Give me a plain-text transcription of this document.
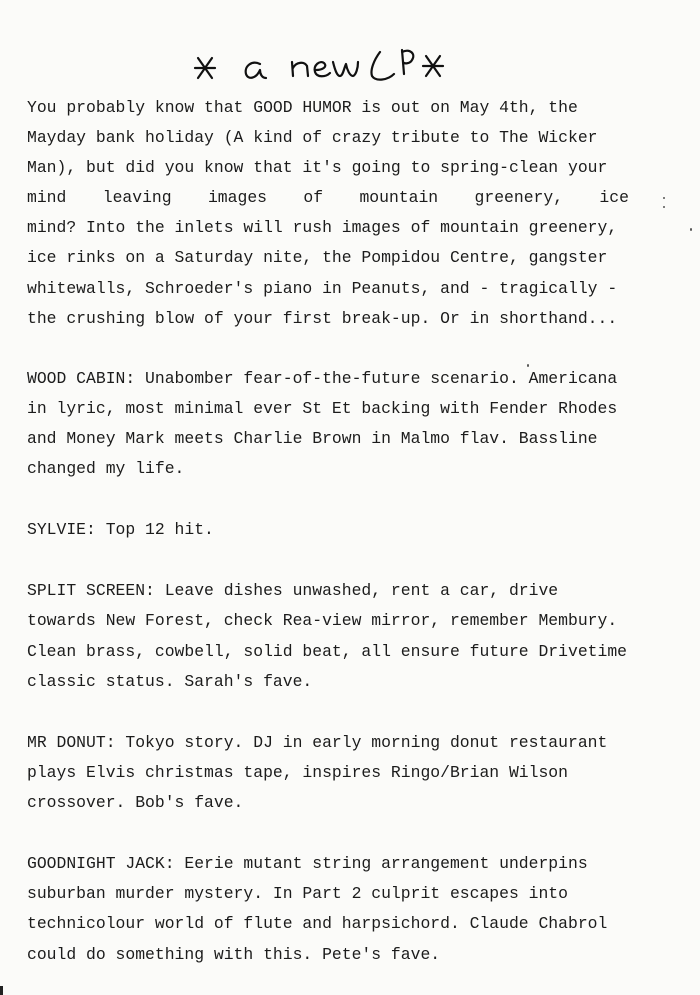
You probably know that GOOD HUMOR is out on May 4th, the
Mayday bank holiday (A kind of crazy tribute to The Wicker
Man), but did you know that it's going to spring-clean your
mind leaving images of mountain greenery, ice
mind? Into the inlets will rush images of mountain greenery,
ice rinks on a Saturday nite, the Pompidou Centre, gangster
whitewalls, Schroeder's piano in Peanuts, and - tragically -
the crushing blow of your first break-up. Or in shorthand...
WOOD CABIN: Unabomber fear-of-the-future scenario. Americana
in lyric, most minimal ever St Et backing with Fender Rhodes
and Money Mark meets Charlie Brown in Malmo flav. Bassline
changed my life.
SYLVIE: Top 12 hit.
SPLIT SCREEN: Leave dishes unwashed, rent a car, drive
towards New Forest, check Rea-view mirror, remember Membury.
Clean brass, cowbell, solid beat, all ensure future Drivetime
classic status. Sarah's fave.
MR DONUT: Tokyo story. DJ in early morning donut restaurant
plays Elvis christmas tape, inspires Ringo/Brian Wilson
crossover. Bob's fave.
GOODNIGHT JACK: Eerie mutant string arrangement underpins
suburban murder mystery. In Part 2 culprit escapes into
technicolour world of flute and harpsichord. Claude Chabrol
could do something with this. Pete's fave.
